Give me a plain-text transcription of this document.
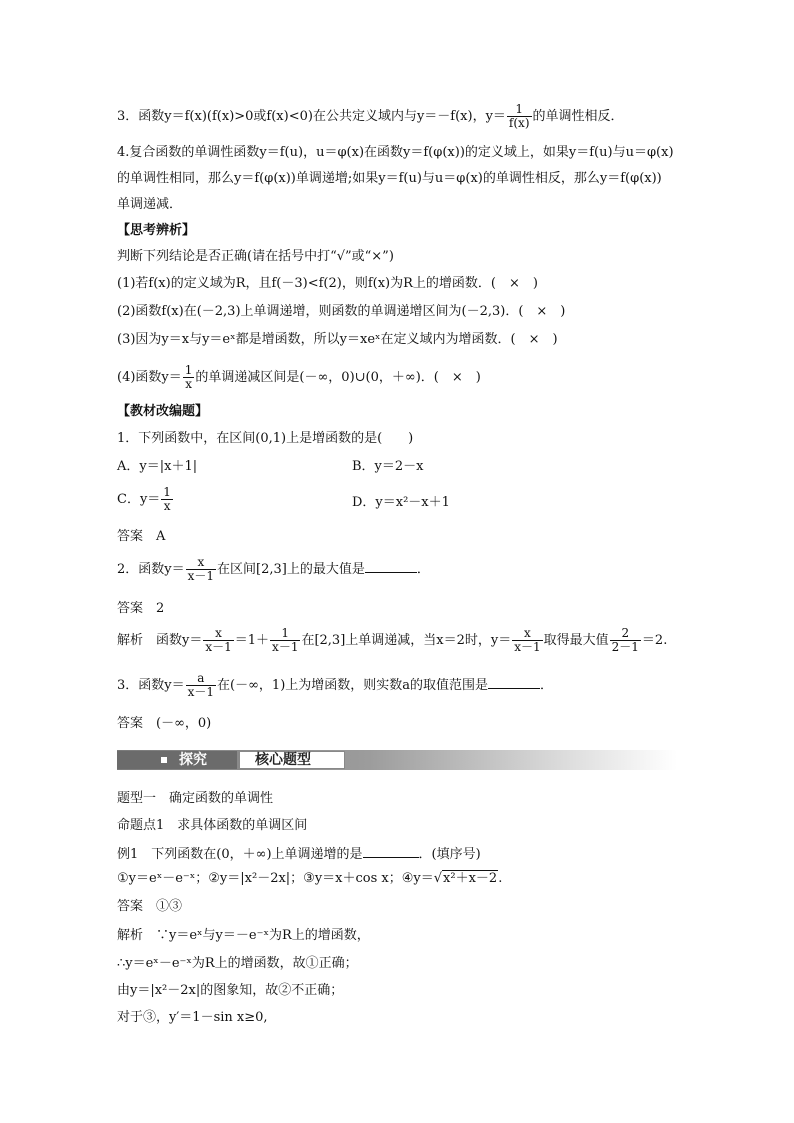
3．函数y＝f(x)(f(x)>0或f(x)<0)在公共定义域内与y＝－f(x)，$y= \frac{1}{f(x)}$ 的单调性相反．
4.复合函数的单调性函数y＝f(u)，u＝φ(x)在函数y＝f(φ(x))的定义域上，如果y＝f(u)与u＝φ(x)
的单调性相同，那么y＝f(φ(x))单调递增;如果y＝f(u)与u＝φ(x)的单调性相反，那么y＝f(φ(x))
单调递减．
【思考辨析】
判断下列结论是否正确(请在括号中打“√”或“×”)
(1)若f(x)的定义域为R，且f(－3)<f(2)，则f(x)为R上的增函数．(　×　)
(2)函数f(x)在(－2,3)上单调递增，则函数的单调递增区间为(－2,3)．(　×　)
(3)因为y＝x与y＝eˣ都是增函数，所以y＝xeˣ在定义域内为增函数．(　×　)
(4)函数$y= \frac{1}{x}$ 的单调递减区间是(－∞，0)∪(0，＋∞)．(　×　)
【教材改编题】
1．下列函数中，在区间(0,1)上是增函数的是(　　)
A．y＝|x＋1|	B．y＝2－x
C．$y= \frac{1}{x}$	D．y＝x²－x＋1
答案　A
2．函数$y= \frac{x}{x-1}$ 在区间[2,3]上的最大值是	．
答案　2
解析　函数$y= \frac{x}{x-1} =1+ \frac{1}{x-1}$ 在[2,3]上单调递减，当x＝2时，$y= \frac{x}{x-1}$ 取得最大值 $\frac{2}{2-1} =2$.
3．函数$y= \frac{a}{x-1}$ 在(－∞，1)上为增函数，则实数a的取值范围是	．
答案　(－∞，0)
探究	核心题型
题型一　确定函数的单调性
命题点1　求具体函数的单调区间
例1　下列函数在(0，＋∞)上单调递增的是	．(填序号)
①y＝eˣ－e⁻ˣ；②y＝|x²－2x|；③y＝x＋cos x；④y＝√x²＋x－2.
答案　①③
解析　∵y＝eˣ与y＝－e⁻ˣ为R上的增函数，
∴y＝eˣ－e⁻ˣ为R上的增函数，故①正确；
由y＝|x²－2x|的图象知，故②不正确；
对于③，y′＝1－sin x≥0,
